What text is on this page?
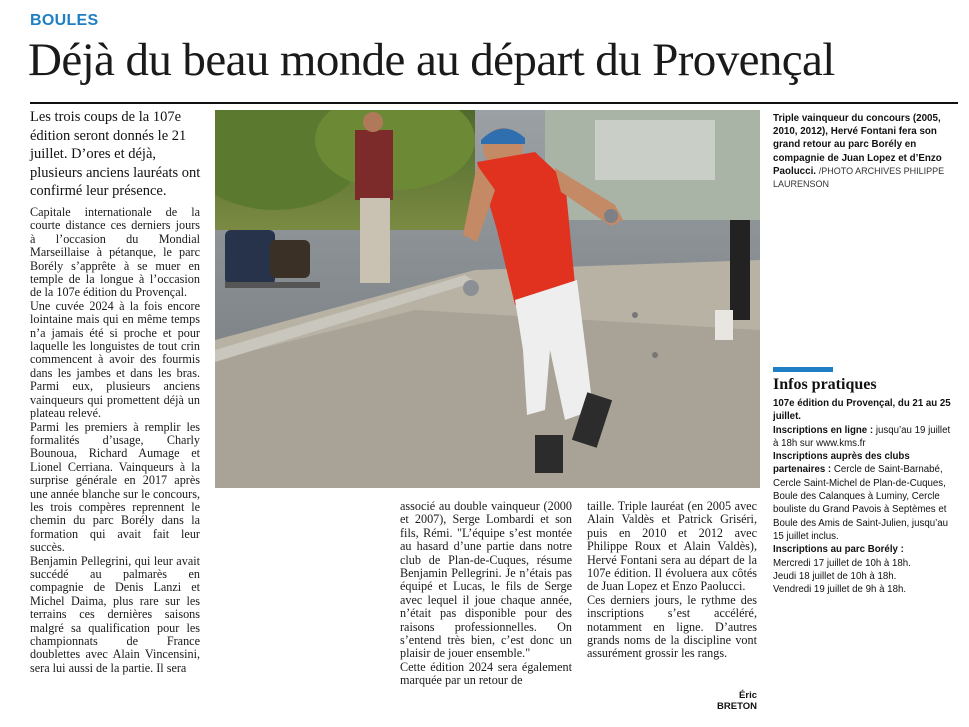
BOULES
Déjà du beau monde au départ du Provençal
Les trois coups de la 107e édition seront donnés le 21 juillet. D’ores et déjà, plusieurs anciens lauréats ont confirmé leur présence.

Capitale internationale de la courte distance ces derniers jours à l’occasion du Mondial Marseillaise à pétanque, le parc Borély s’apprête à se muer en temple de la longue à l’occasion de la 107e édition du Provençal.

Une cuvée 2024 à la fois encore lointaine mais qui en même temps n’a jamais été si proche et pour laquelle les longuistes de tout crin commencent à avoir des fourmis dans les jambes et dans les bras. Parmi eux, plusieurs anciens vainqueurs qui promettent déjà un plateau relevé.

Parmi les premiers à remplir les formalités d’usage, Charly Bounoua, Richard Aumage et Lionel Cerriana. Vainqueurs à la surprise générale en 2017 après une année blanche sur le concours, les trois compères reprennent le chemin du parc Borély dans la formation qui avait fait leur succès.

Benjamin Pellegrini, qui leur avait succédé au palmarès en compagnie de Denis Lanzi et Michel Daima, plus rare sur les terrains ces dernières saisons malgré sa qualification pour les championnats de France doublettes avec Alain Vincensini, sera lui aussi de la partie. Il sera

Triple vainqueur du concours (2005, 2010, 2012), Hervé Fontani fera son grand retour au parc Borély en compagnie de Juan Lopez et d’Enzo Paolucci. /PHOTO ARCHIVES PHILIPPE LAURENSON
Infos pratiques

107e édition du Provençal, du 21 au 25 juillet.

Inscriptions en ligne : jusqu’au 19 juillet à 18h sur www.kms.fr

Inscriptions auprès des clubs partenaires : Cercle de Saint-Barnabé, Cercle Saint-Michel de Plan-de-Cuques, Boule des Calanques à Luminy, Cercle bouliste du Grand Pavois à Septèmes et Boule des Amis de Saint-Julien, jusqu’au 15 juillet inclus.

Inscriptions au parc Borély :

Mercredi 17 juillet de 10h à 18h.

Jeudi 18 juillet de 10h à 18h.

Vendredi 19 juillet de 9h à 18h.

associé au double vainqueur (2000 et 2007), Serge Lombardi et son fils, Rémi. "L’équipe s’est montée au hasard d’une partie dans notre club de Plan-de-Cuques, résume Benjamin Pellegrini. Je n’étais pas équipé et Lucas, le fils de Serge avec lequel il joue chaque année, n’était pas disponible pour des raisons professionnelles. On s’entend très bien, c’est donc un plaisir de jouer ensemble."

Cette édition 2024 sera également marquée par un retour de

taille. Triple lauréat (en 2005 avec Alain Valdès et Patrick Griséri, puis en 2010 et 2012 avec Philippe Roux et Alain Valdès), Hervé Fontani sera au départ de la 107e édition. Il évoluera aux côtés de Juan Lopez et Enzo Paolucci.

Ces derniers jours, le rythme des inscriptions s’est accéléré, notamment en ligne. D’autres grands noms de la discipline vont assurément grossir les rangs.

Éric BRETON
